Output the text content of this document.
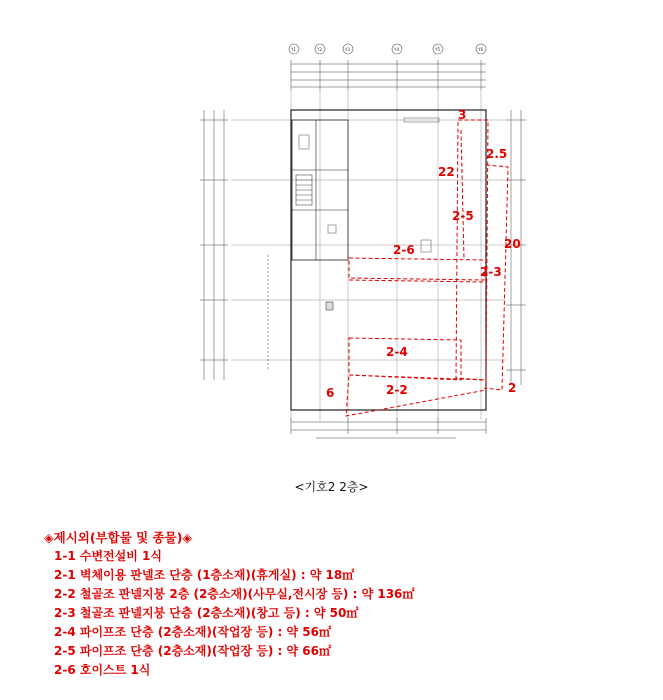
Y1	Y2	Y3	Y4	Y5	Y6
3
2.5
22
2-5
2-6	20
2-3
2-4
2-2
6	2
<기호2 2층>
◈제시외(부합물 및 종물)◈
1-1 수변전설비 1식
2-1 벽체이용 판넬조 단층 (1층소재)(휴게실) : 약 18㎡
2-2 철골조 판넬지붕 2층 (2층소재)(사무실,전시장 등) : 약 136㎡
2-3 철골조 판넬지붕 단층 (2층소재)(창고 등) : 약 50㎡
2-4 파이프조 단층 (2층소재)(작업장 등) : 약 56㎡
2-5 파이프조 단층 (2층소재)(작업장 등) : 약 66㎡
2-6 호이스트 1식
